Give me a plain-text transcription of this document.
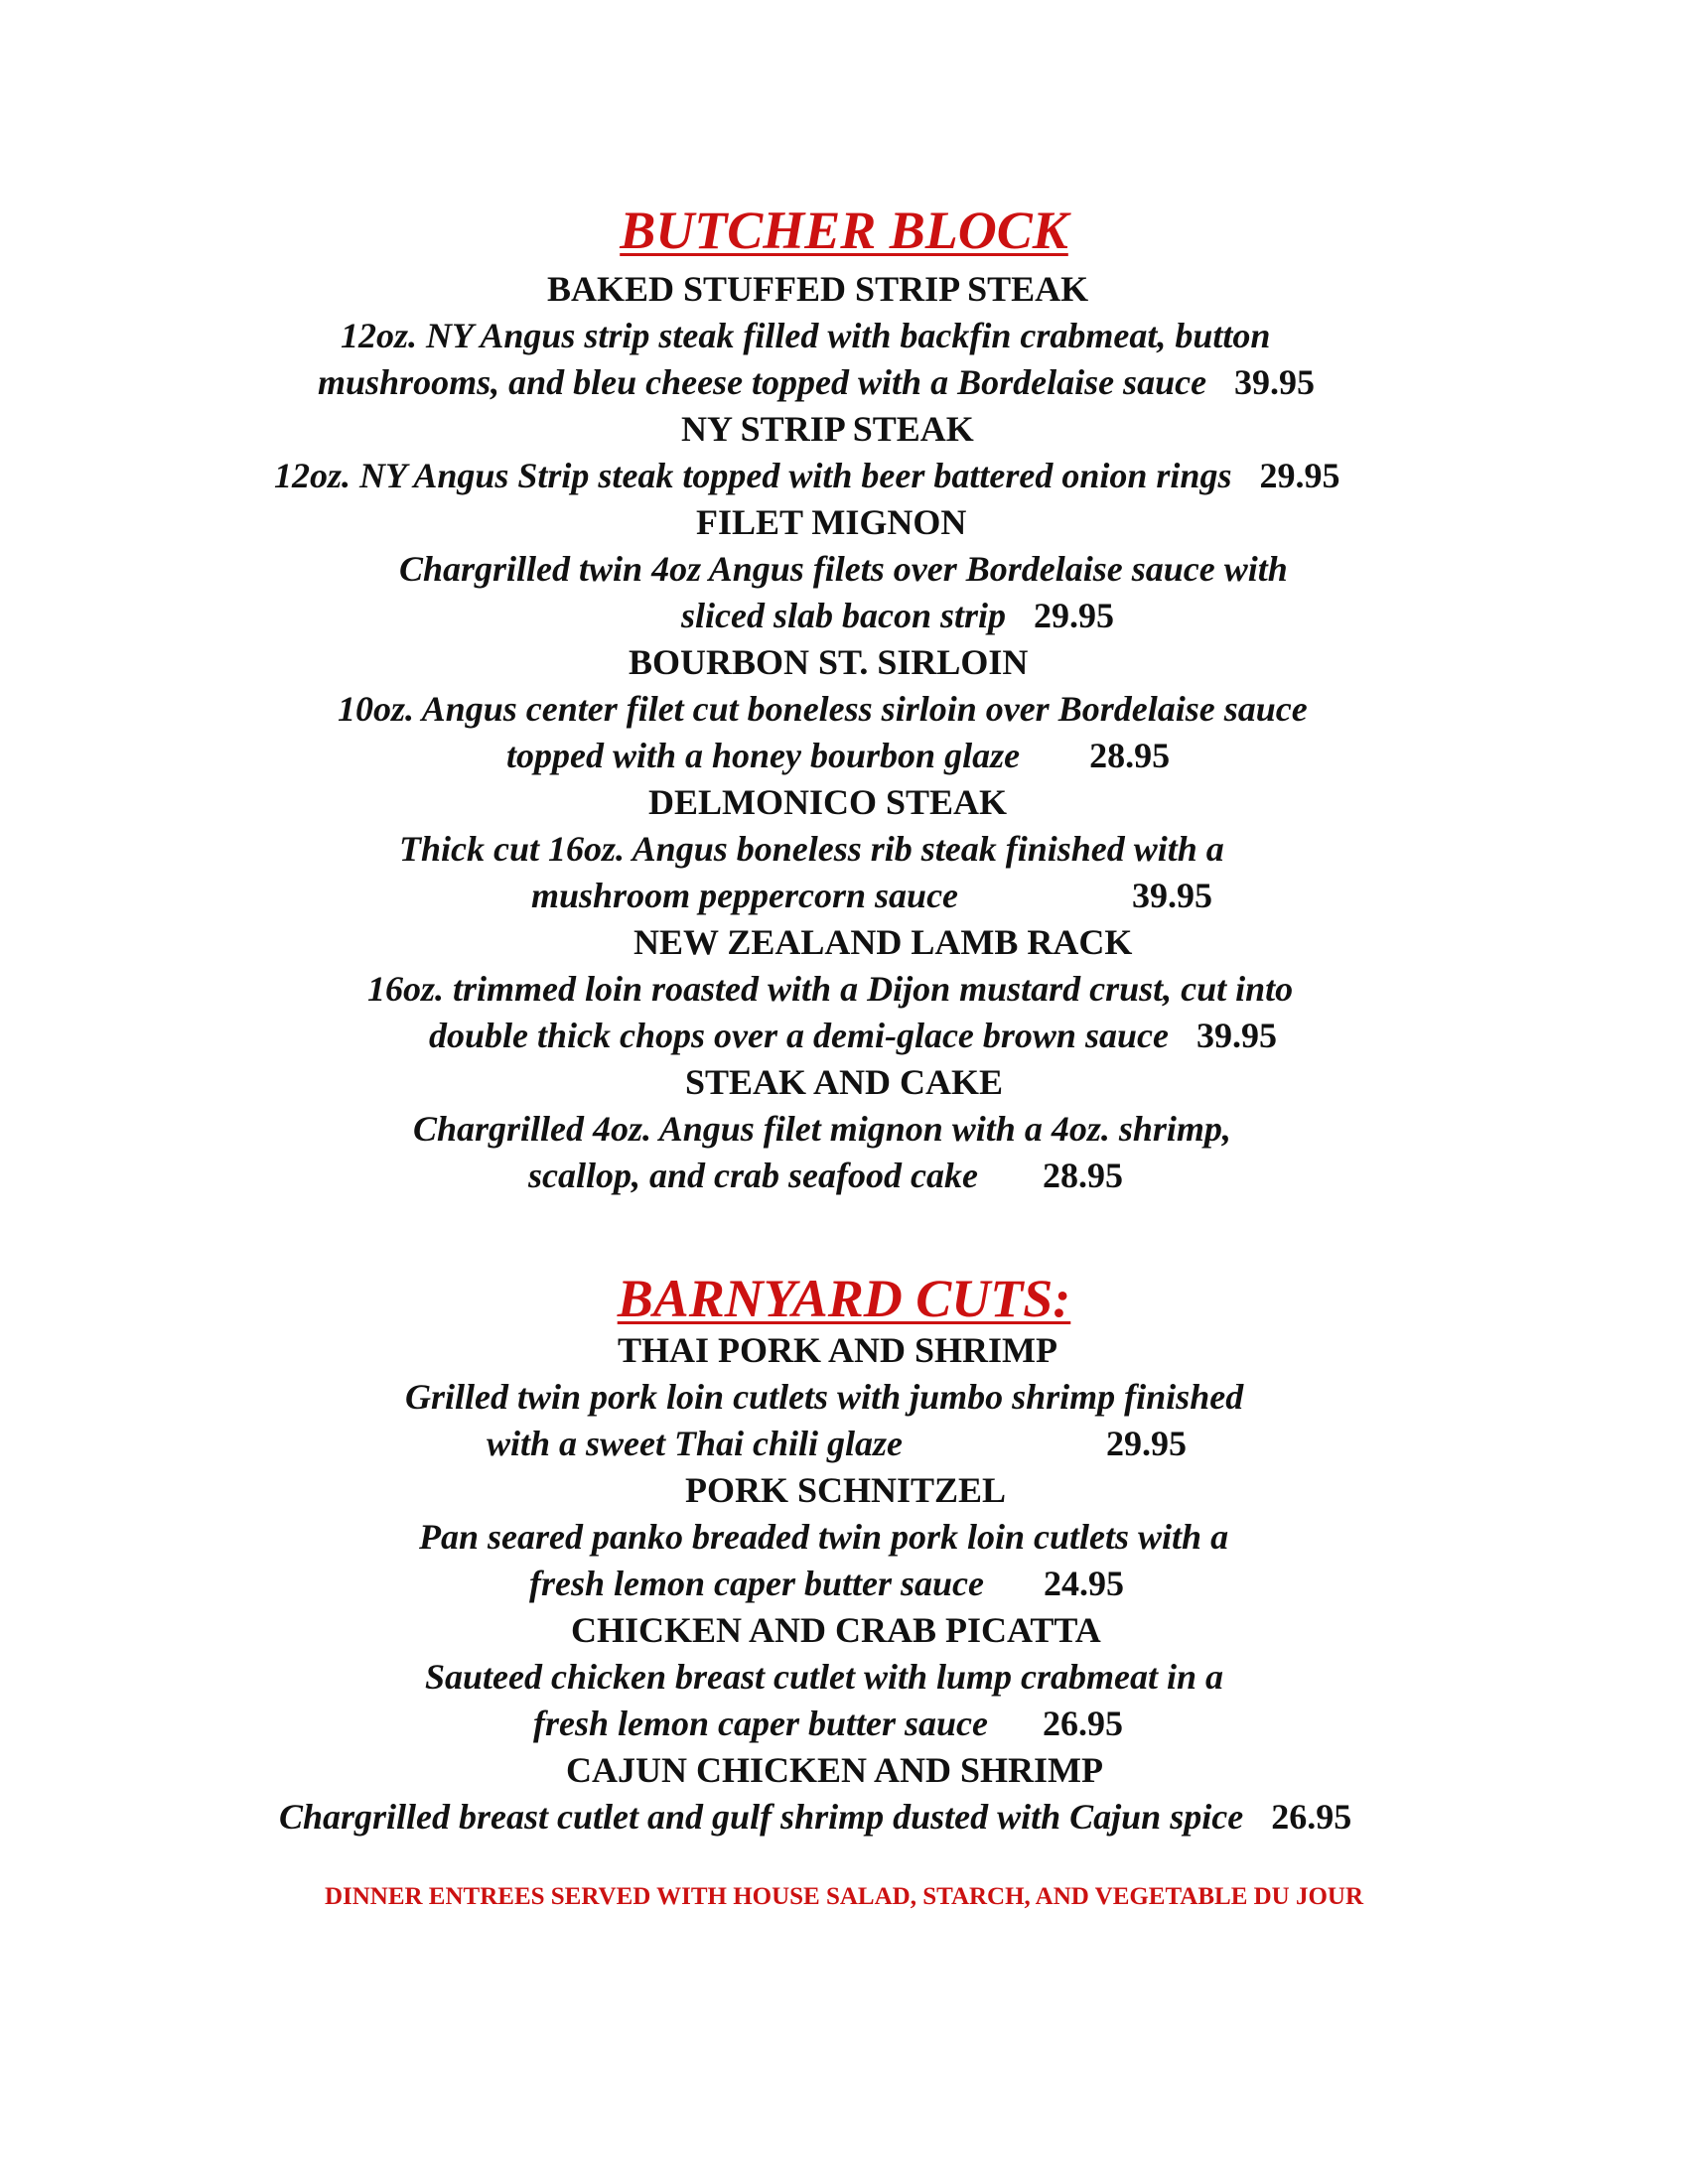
BUTCHER BLOCK
BAKED STUFFED STRIP STEAK
12oz. NY Angus strip steak filled with backfin crabmeat, button
mushrooms, and bleu cheese topped with a Bordelaise sauce 39.95
NY STRIP STEAK
12oz. NY Angus Strip steak topped with beer battered onion rings 29.95
FILET MIGNON
Chargrilled twin 4oz Angus filets over Bordelaise sauce with
sliced slab bacon strip 29.95
BOURBON ST. SIRLOIN
10oz. Angus center filet cut boneless sirloin over Bordelaise sauce
topped with a honey bourbon glaze 28.95
DELMONICO STEAK
Thick cut 16oz. Angus boneless rib steak finished with a
mushroom peppercorn sauce	39.95
NEW ZEALAND LAMB RACK
16oz. trimmed loin roasted with a Dijon mustard crust, cut into
double thick chops over a demi-glace brown sauce 39.95
STEAK AND CAKE
Chargrilled 4oz. Angus filet mignon with a 4oz. shrimp,
scallop, and crab seafood cake 28.95
BARNYARD CUTS:
THAI PORK AND SHRIMP
Grilled twin pork loin cutlets with jumbo shrimp finished
with a sweet Thai chili glaze	29.95
PORK SCHNITZEL
Pan seared panko breaded twin pork loin cutlets with a
fresh lemon caper butter sauce 24.95
CHICKEN AND CRAB PICATTA
Sauteed chicken breast cutlet with lump crabmeat in a
fresh lemon caper butter sauce 26.95
CAJUN CHICKEN AND SHRIMP
Chargrilled breast cutlet and gulf shrimp dusted with Cajun spice 26.95
DINNER ENTREES SERVED WITH HOUSE SALAD, STARCH, AND VEGETABLE DU JOUR
